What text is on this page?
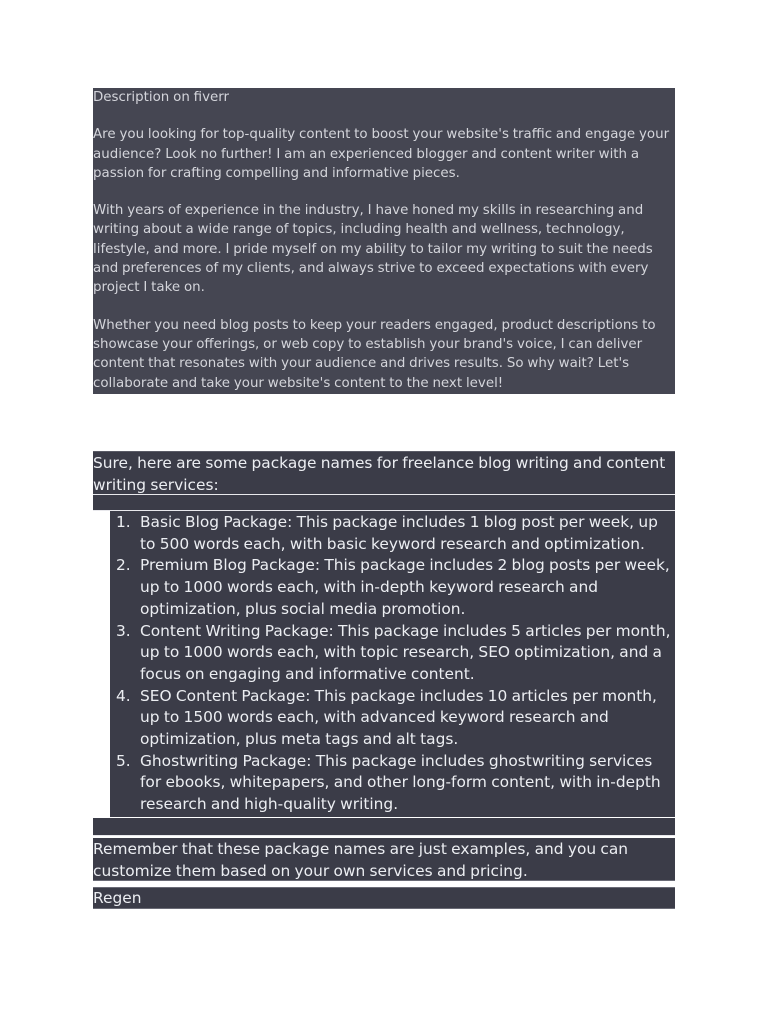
Description on fiverr

Are you looking for top-quality content to boost your website's traffic and engage your audience? Look no further! I am an experienced blogger and content writer with a passion for crafting compelling and informative pieces.

With years of experience in the industry, I have honed my skills in researching and writing about a wide range of topics, including health and wellness, technology, lifestyle, and more. I pride myself on my ability to tailor my writing to suit the needs and preferences of my clients, and always strive to exceed expectations with every project I take on.

Whether you need blog posts to keep your readers engaged, product descriptions to showcase your offerings, or web copy to establish your brand's voice, I can deliver content that resonates with your audience and drives results. So why wait? Let's collaborate and take your website's content to the next level!

Sure, here are some package names for freelance blog writing and content writing services:
1. Basic Blog Package: This package includes 1 blog post per week, up to 500 words each, with basic keyword research and optimization.
2. Premium Blog Package: This package includes 2 blog posts per week, up to 1000 words each, with in-depth keyword research and optimization, plus social media promotion.
3. Content Writing Package: This package includes 5 articles per month, up to 1000 words each, with topic research, SEO optimization, and a focus on engaging and informative content.
4. SEO Content Package: This package includes 10 articles per month, up to 1500 words each, with advanced keyword research and optimization, plus meta tags and alt tags.
5. Ghostwriting Package: This package includes ghostwriting services for ebooks, whitepapers, and other long-form content, with in-depth research and high-quality writing.
Remember that these package names are just examples, and you can customize them based on your own services and pricing.
Regen
